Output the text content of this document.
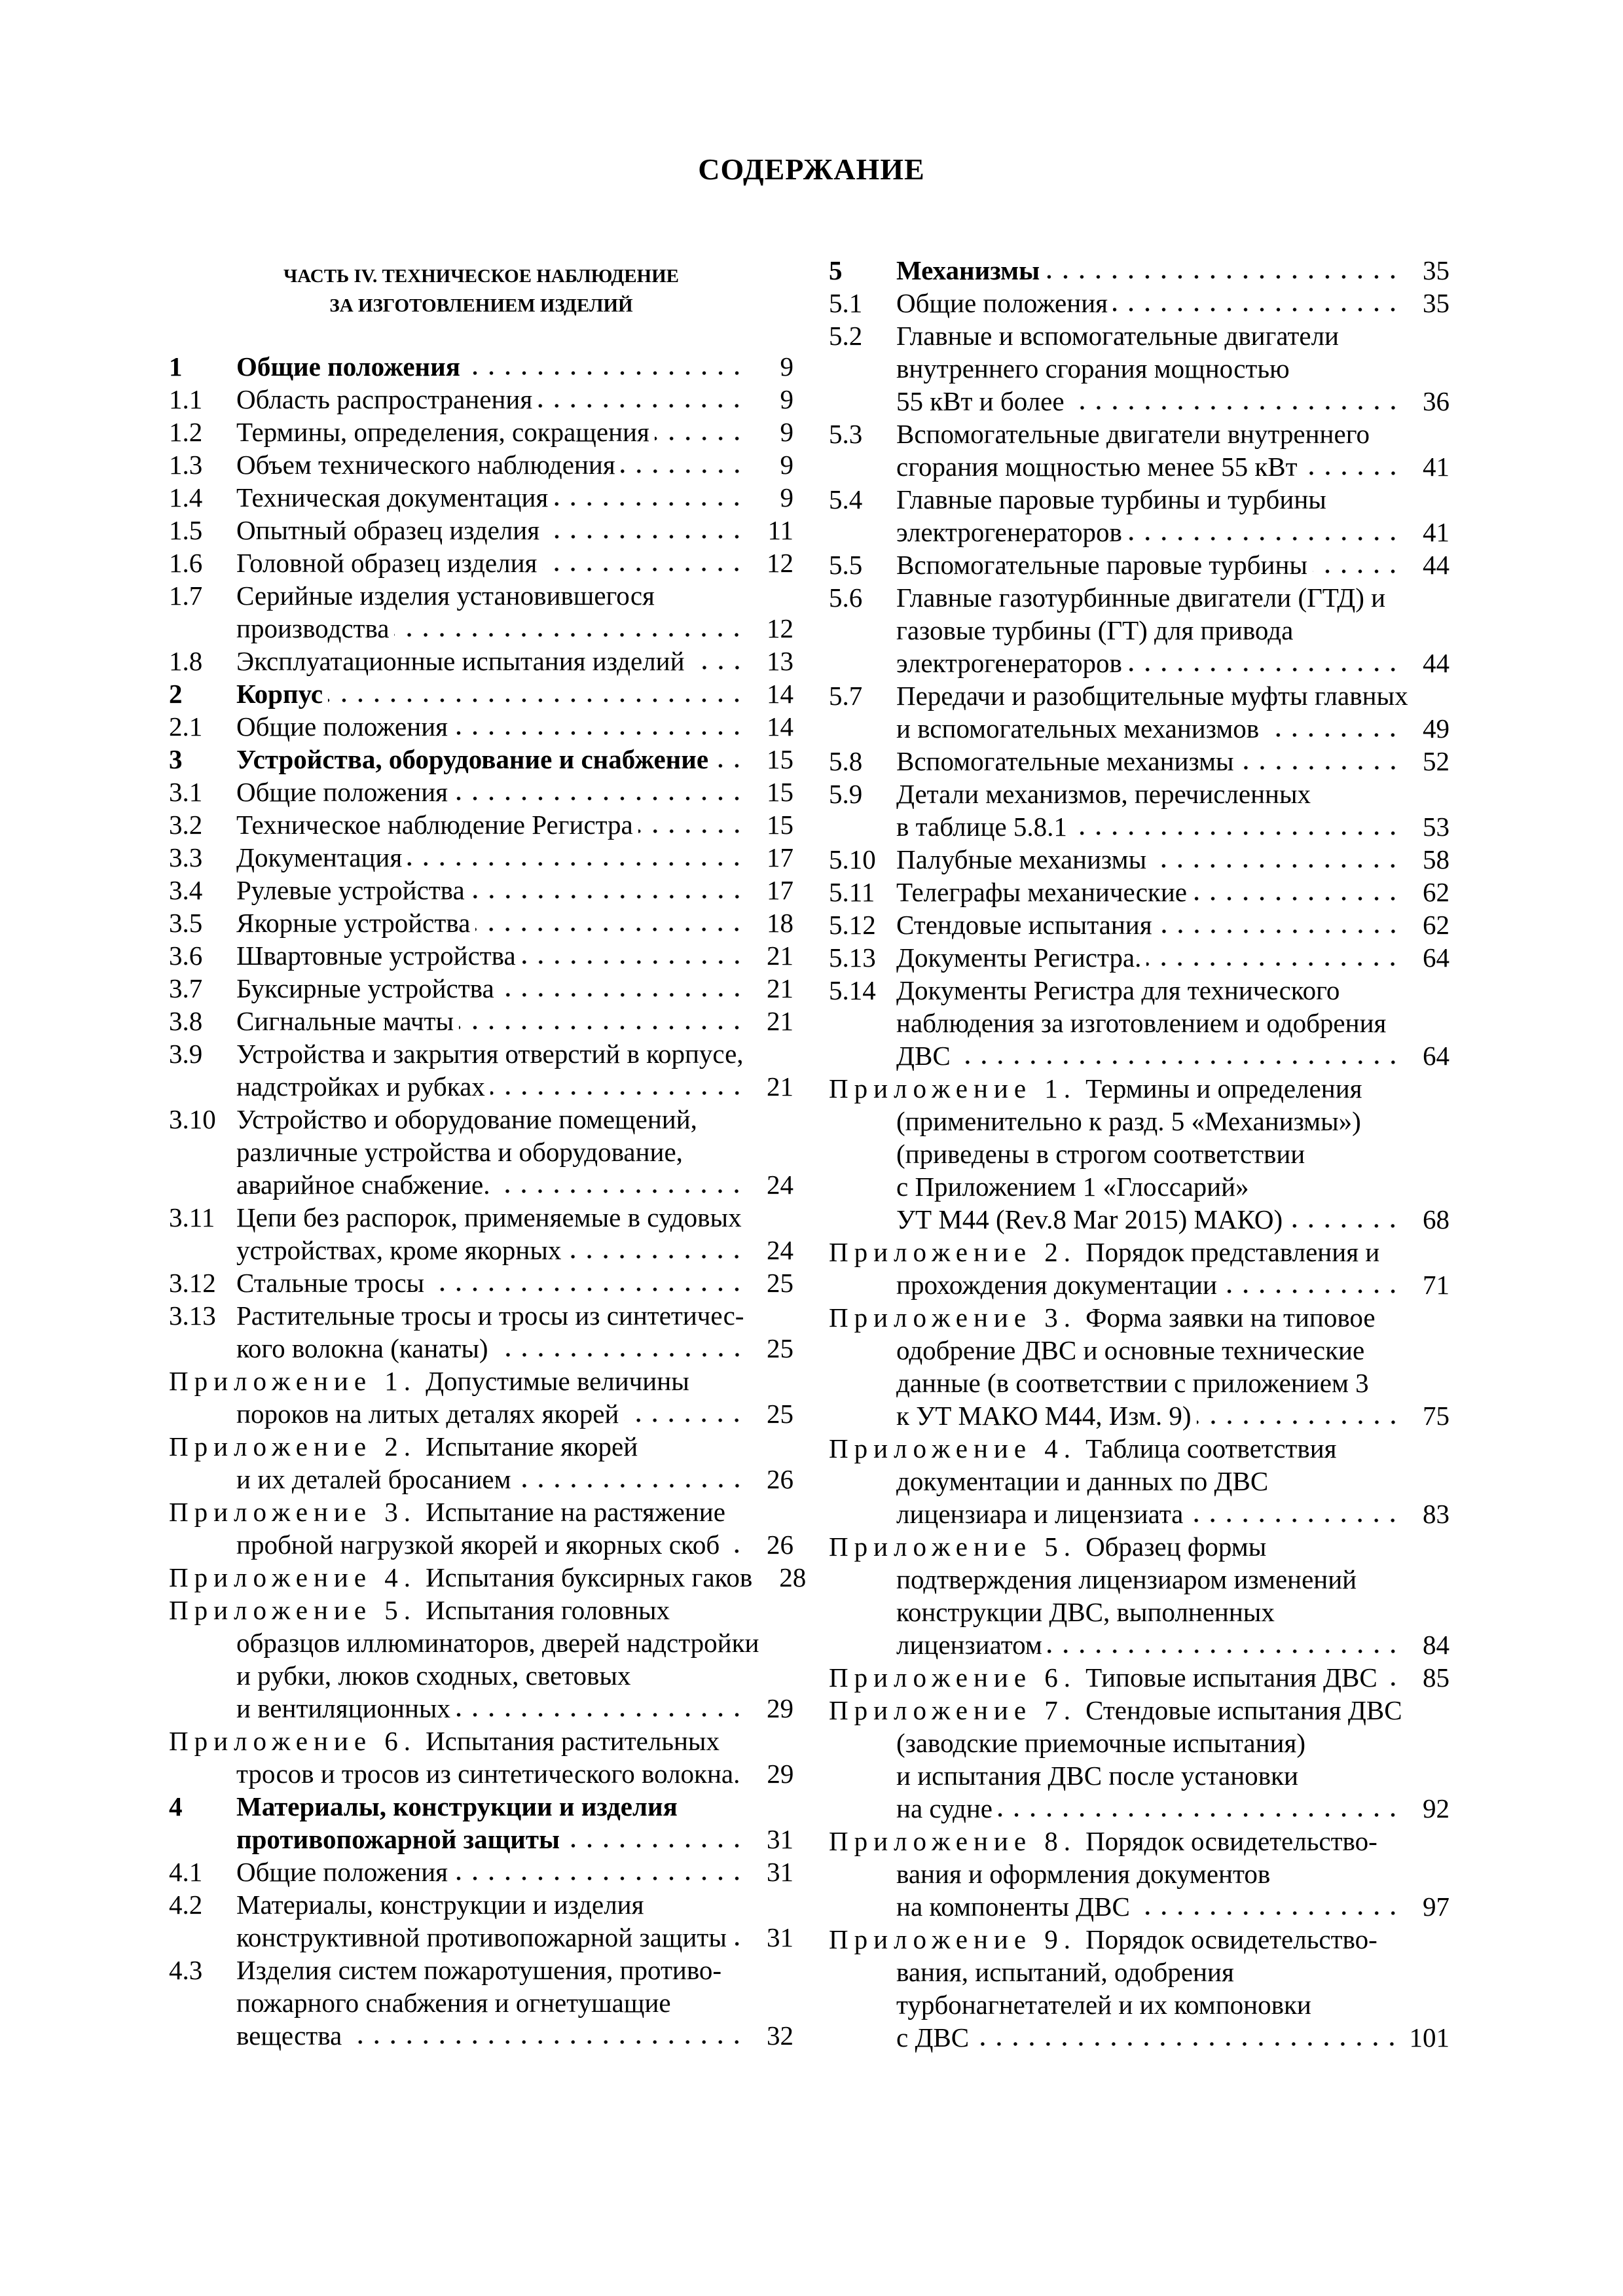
СОДЕРЖАНИЕ
ЧАСТЬ IV. ТЕХНИЧЕСКОЕ НАБЛЮДЕНИЕ
ЗА ИЗГОТОВЛЕНИЕМ ИЗДЕЛИЙ
1	Общие положения	9
1.1	Область распространения	9
1.2	Термины, определения, сокращения	9
1.3	Объем технического наблюдения	9
1.4	Техническая документация	9
1.5	Опытный образец изделия	11
1.6	Головной образец изделия	12
1.7	Серийные изделия установившегося
производства	12
1.8	Эксплуатационные испытания изделий	13
2	Корпус	14
2.1	Общие положения	14
3	Устройства, оборудование и снабжение	15
3.1	Общие положения	15
3.2	Техническое наблюдение Регистра	15
3.3	Документация	17
3.4	Рулевые устройства	17
3.5	Якорные устройства	18
3.6	Швартовные устройства	21
3.7	Буксирные устройства	21
3.8	Сигнальные мачты	21
3.9	Устройства и закрытия отверстий в корпусе,
надстройках и рубках	21
3.10 Устройство и оборудование помещений,
различные устройства и оборудование,
аварийное снабжение.	24
3.11 Цепи без распорок, применяемые в судовых
устройствах, кроме якорных	24
3.12 Стальные тросы	25
3.13 Растительные тросы и тросы из синтетичес-
кого волокна (канаты)	25
Приложение 1. Допустимые величины
пороков на литых деталях якорей	25
Приложение 2. Испытание якорей
и их деталей бросанием	26
Приложение 3. Испытание на растяжение
пробной нагрузкой якорей и якорных скоб	26
Приложение 4. Испытания буксирных гаков	28
Приложение 5. Испытания головных
образцов иллюминаторов, дверей надстройки
и рубки, люков сходных, световых
и вентиляционных	29
Приложение 6. Испытания растительных
тросов и тросов из синтетического волокна.	29
4	Материалы, конструкции и изделия
противопожарной защиты	31
4.1	Общие положения	31
4.2	Материалы, конструкции и изделия
конструктивной противопожарной защиты	31
4.3	Изделия систем пожаротушения, противо-
пожарного снабжения и огнетушащие
вещества	32
5	Механизмы	35
5.1	Общие положения	35
5.2	Главные и вспомогательные двигатели
внутреннего сгорания мощностью
55 кВт и более	36
5.3	Вспомогательные двигатели внутреннего
сгорания мощностью менее 55 кВт	41
5.4	Главные паровые турбины и турбины
электрогенераторов	41
5.5	Вспомогательные паровые турбины	44
5.6	Главные газотурбинные двигатели (ГТД) и
газовые турбины (ГТ) для привода
электрогенераторов	44
5.7	Передачи и разобщительные муфты главных
и вспомогательных механизмов	49
5.8	Вспомогательные механизмы	52
5.9	Детали механизмов, перечисленных
в таблице 5.8.1	53
5.10 Палубные механизмы	58
5.11 Телеграфы механические	62
5.12 Стендовые испытания	62
5.13 Документы Регистра.	64
5.14 Документы Регистра для технического
наблюдения за изготовлением и одобрения
ДВС	64
Приложение 1. Термины и определения
(применительно к разд. 5 «Механизмы»)
(приведены в строгом соответствии
с Приложением 1 «Глоссарий»
УТ М44 (Rev.8 Mar 2015) МАКО)	68
Приложение 2. Порядок представления и
прохождения документации	71
Приложение 3. Форма заявки на типовое
одобрение ДВС и основные технические
данные (в соответствии с приложением 3
к УТ МАКО М44, Изм. 9)	75
Приложение 4. Таблица соответствия
документации и данных по ДВС
лицензиара и лицензиата	83
Приложение 5. Образец формы
подтверждения лицензиаром изменений
конструкции ДВС, выполненных
лицензиатом	84
Приложение 6. Типовые испытания ДВС	85
Приложение 7. Стендовые испытания ДВС
(заводские приемочные испытания)
и испытания ДВС после установки
на судне	92
Приложение 8. Порядок освидетельство-
вания и оформления документов
на компоненты ДВС	97
Приложение 9. Порядок освидетельство-
вания, испытаний, одобрения
турбонагнетателей и их компоновки
с ДВС	101
